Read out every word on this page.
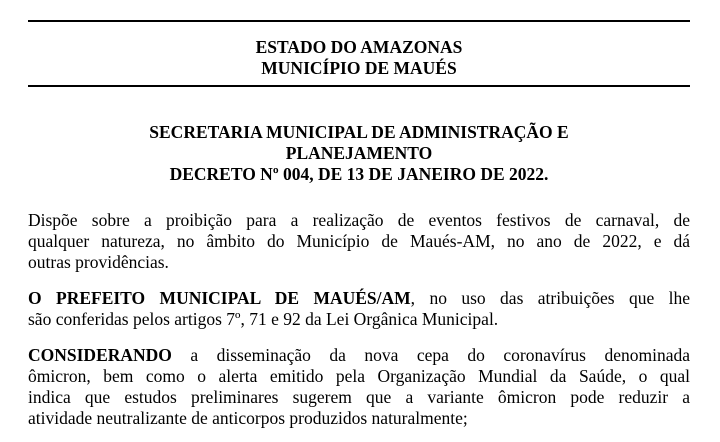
ESTADO DO AMAZONAS
MUNICÍPIO DE MAUÉS
SECRETARIA MUNICIPAL DE ADMINISTRAÇÃO E
PLANEJAMENTO
DECRETO Nº 004, DE 13 DE JANEIRO DE 2022.
Dispõe sobre a proibição para a realização de eventos festivos de carnaval, de
qualquer natureza, no âmbito do Município de Maués-AM, no ano de 2022, e dá
outras providências.
O PREFEITO MUNICIPAL DE MAUÉS/AM, no uso das atribuições que lhe
são conferidas pelos artigos 7º, 71 e 92 da Lei Orgânica Municipal.
CONSIDERANDO a disseminação da nova cepa do coronavírus denominada
ômicron, bem como o alerta emitido pela Organização Mundial da Saúde, o qual
indica que estudos preliminares sugerem que a variante ômicron pode reduzir a
atividade neutralizante de anticorpos produzidos naturalmente;
